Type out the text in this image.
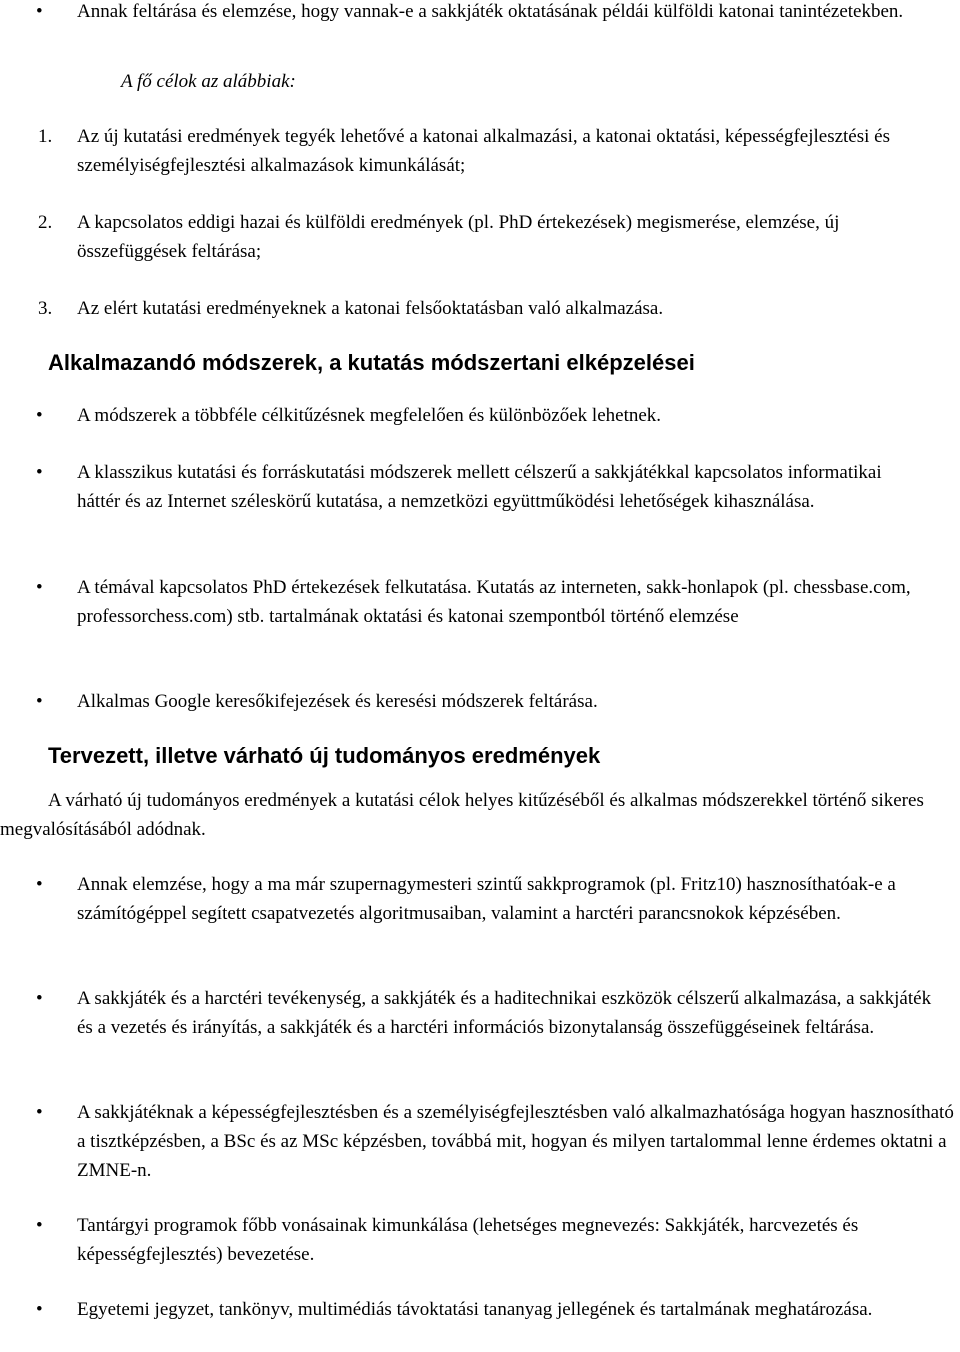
• Annak feltárása és elemzése, hogy vannak-e a sakkjáték oktatásának példái külföldi katonai tanintézetekben.
A fő célok az alábbiak:
1. Az új kutatási eredmények tegyék lehetővé a katonai alkalmazási, a katonai oktatási, képességfejlesztési és személyiségfejlesztési alkalmazások kimunkálását;
2. A kapcsolatos eddigi hazai és külföldi eredmények (pl. PhD értekezések) megismerése, elemzése, új összefüggések feltárása;
3. Az elért kutatási eredményeknek a katonai felsőoktatásban való alkalmazása.
Alkalmazandó módszerek, a kutatás módszertani elképzelései
• A módszerek a többféle célkitűzésnek megfelelően és különbözőek lehetnek.
• A klasszikus kutatási és forráskutatási módszerek mellett célszerű a sakkjátékkal kapcsolatos informatikai háttér és az Internet széleskörű kutatása, a nemzetközi együttműködési lehetőségek kihasználása.
• A témával kapcsolatos PhD értekezések felkutatása. Kutatás az interneten, sakk-honlapok (pl. chessbase.com, professorchess.com) stb. tartalmának oktatási és katonai szempontból történő elemzése
• Alkalmas Google keresőkifejezések és keresési módszerek feltárása.
Tervezett, illetve várható új tudományos eredmények
A várható új tudományos eredmények a kutatási célok helyes kitűzéséből és alkalmas módszerekkel történő sikeres megvalósításából adódnak.
• Annak elemzése, hogy a ma már szupernagymesteri szintű sakkprogramok (pl. Fritz10) hasznosíthatóak-e a számítógéppel segített csapatvezetés algoritmusaiban, valamint a harctéri parancsnokok képzésében.
• A sakkjáték és a harctéri tevékenység, a sakkjáték és a haditechnikai eszközök célszerű alkalmazása, a sakkjáték és a vezetés és irányítás, a sakkjáték és a harctéri információs bizonytalanság összefüggéseinek feltárása.
• A sakkjátéknak a képességfejlesztésben és a személyiségfejlesztésben való alkalmazhatósága hogyan hasznosítható a tisztképzésben, a BSc és az MSc képzésben, továbbá mit, hogyan és milyen tartalommal lenne érdemes oktatni a ZMNE-n.
• Tantárgyi programok főbb vonásainak kimunkálása (lehetséges megnevezés: Sakkjáték, harcvezetés és képességfejlesztés) bevezetése.
• Egyetemi jegyzet, tankönyv, multimédiás távoktatási tananyag jellegének és tartalmának meghatározása.
